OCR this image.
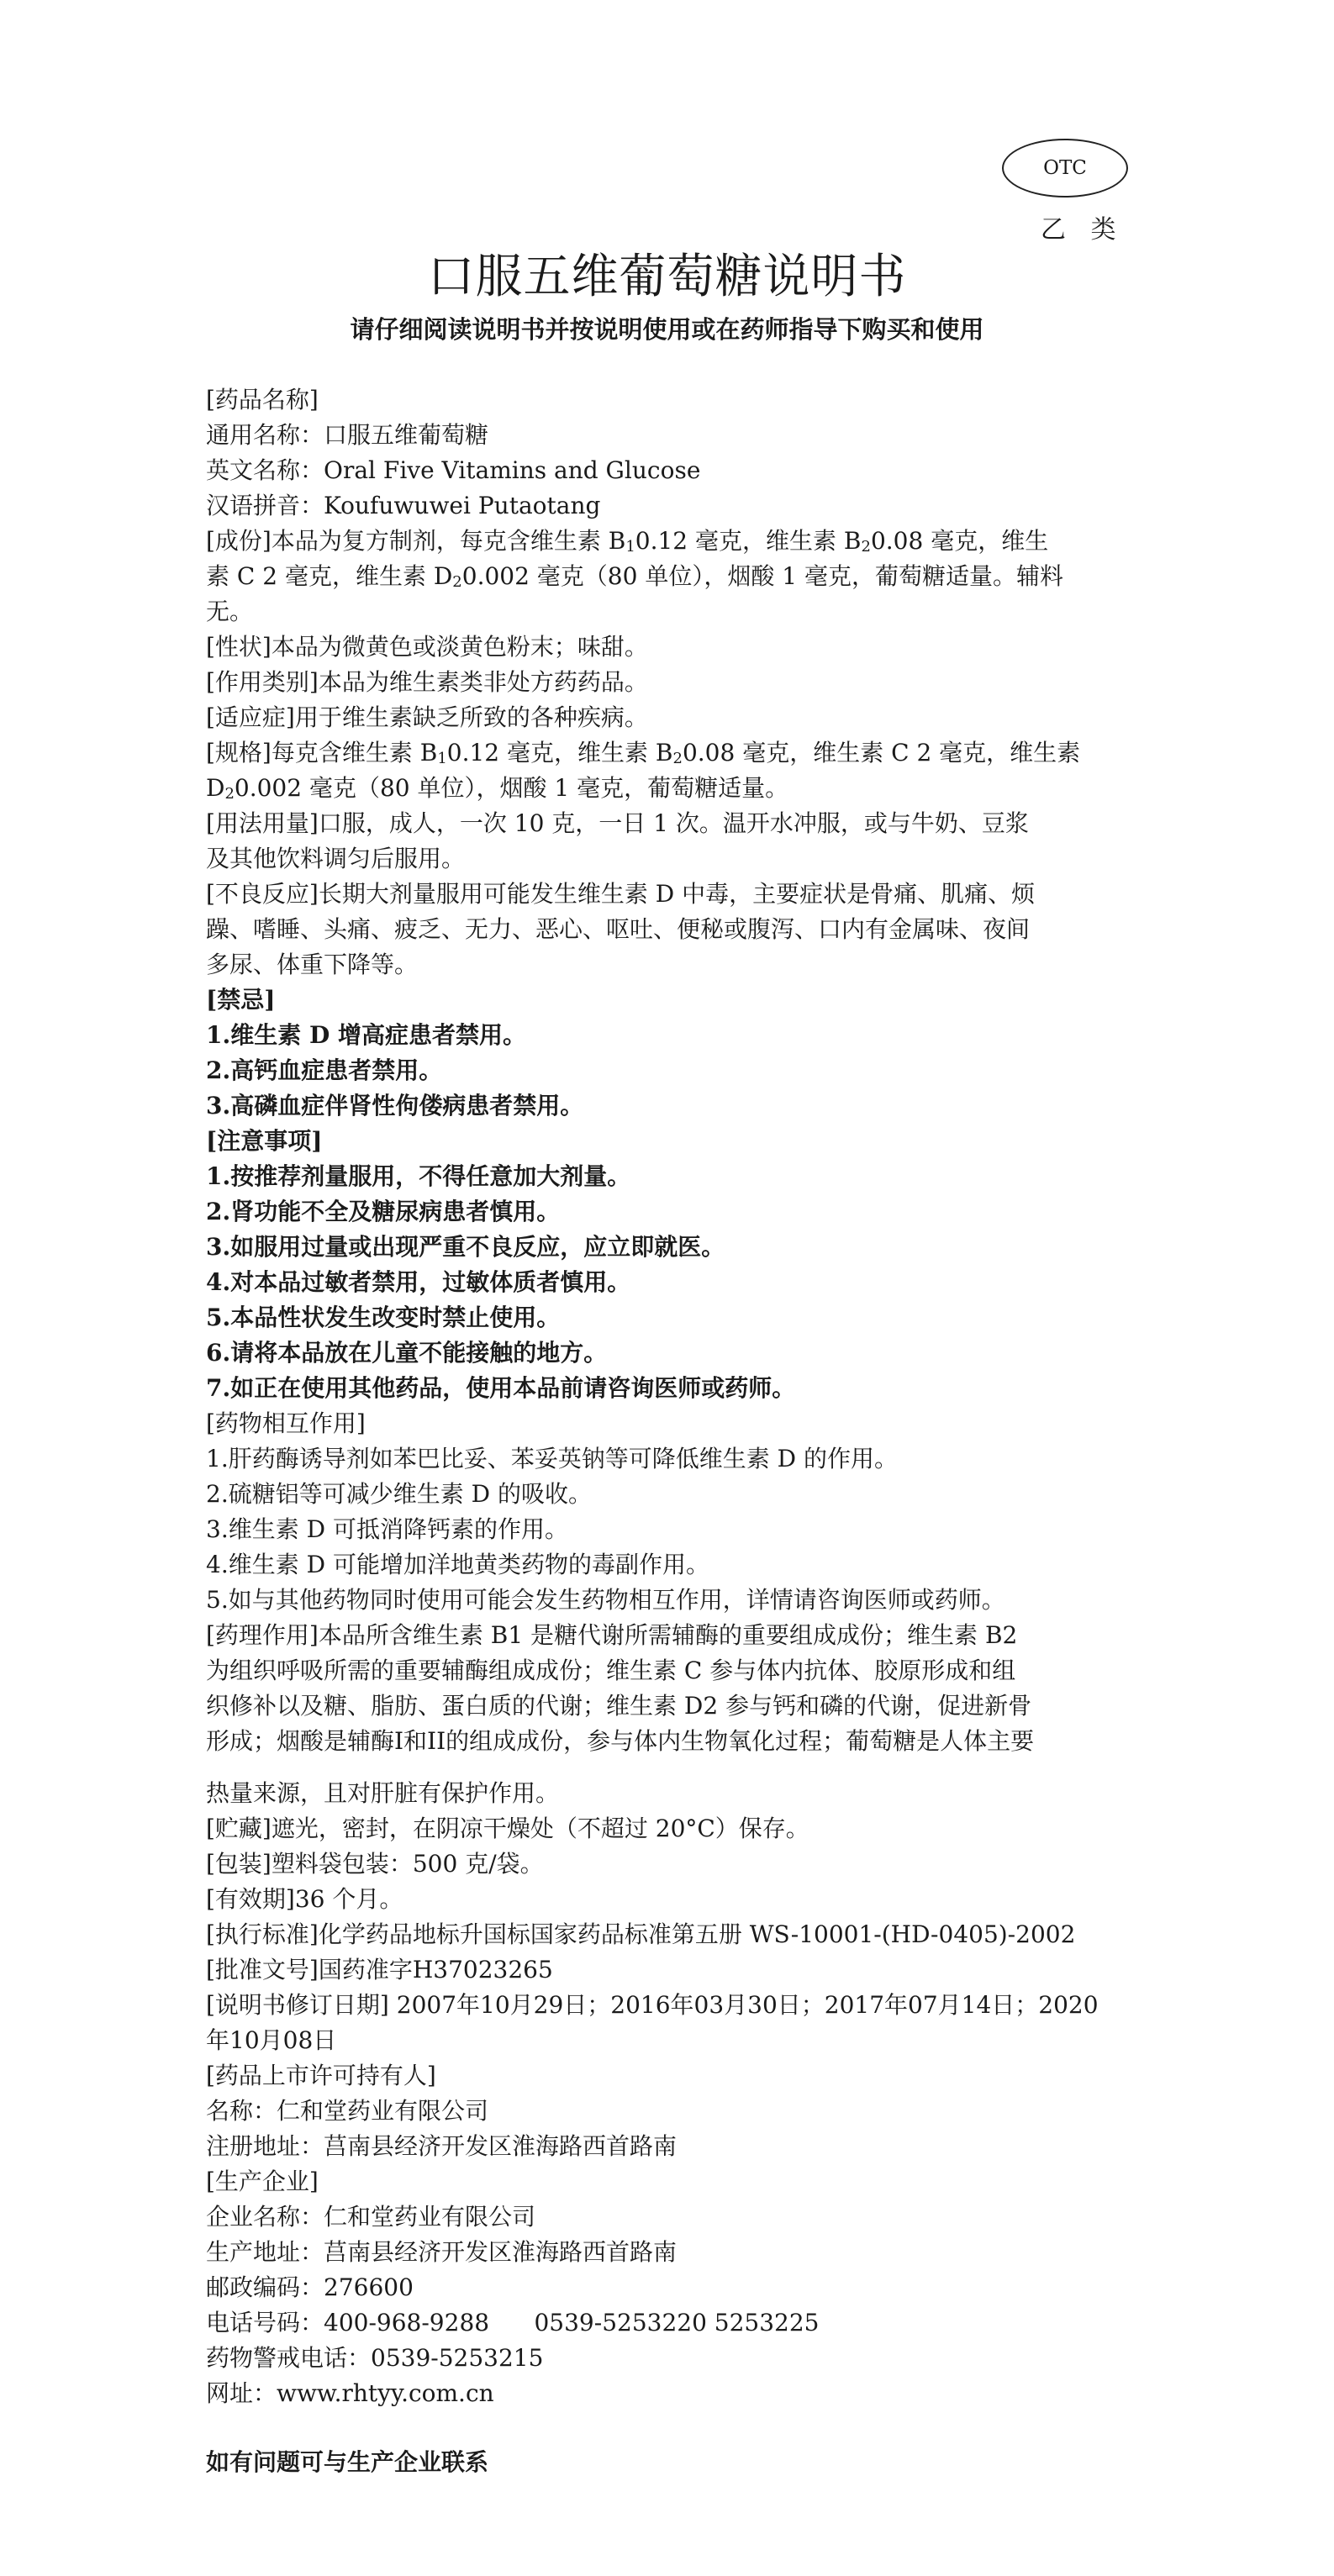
OTC
乙 类
口服五维葡萄糖说明书
请仔细阅读说明书并按说明使用或在药师指导下购买和使用
[药品名称]
通用名称：口服五维葡萄糖
英文名称：Oral Five Vitamins and Glucose
汉语拼音：Koufuwuwei Putaotang
[成份]本品为复方制剂，每克含维生素 $B_10.12$ 毫克，维生素 $B_20.08$ 毫克，维生
素 C 2 毫克，维生素 $D_20.002$ 毫克（80 单位），烟酸 1 毫克，葡萄糖适量。辅料
无。
[性状]本品为微黄色或淡黄色粉末；味甜。
[作用类别]本品为维生素类非处方药药品。
[适应症]用于维生素缺乏所致的各种疾病。
[规格]每克含维生素 $B_10.12$ 毫克，维生素 $B_20.08$ 毫克，维生素 C 2 毫克，维生素
$D_20.002$ 毫克（80 单位），烟酸 1 毫克，葡萄糖适量。
[用法用量]口服，成人，一次 10 克，一日 1 次。温开水冲服，或与牛奶、豆浆
及其他饮料调匀后服用。
[不良反应]长期大剂量服用可能发生维生素 D 中毒，主要症状是骨痛、肌痛、烦
躁、嗜睡、头痛、疲乏、无力、恶心、呕吐、便秘或腹泻、口内有金属味、夜间
多尿、体重下降等。
[禁忌]
1.维生素 D 增高症患者禁用。
2.高钙血症患者禁用。
3.高磷血症伴肾性佝偻病患者禁用。
[注意事项]
1.按推荐剂量服用，不得任意加大剂量。
2.肾功能不全及糖尿病患者慎用。
3.如服用过量或出现严重不良反应，应立即就医。
4.对本品过敏者禁用，过敏体质者慎用。
5.本品性状发生改变时禁止使用。
6.请将本品放在儿童不能接触的地方。
7.如正在使用其他药品，使用本品前请咨询医师或药师。
[药物相互作用]
1.肝药酶诱导剂如苯巴比妥、苯妥英钠等可降低维生素 D 的作用。
2.硫糖铝等可减少维生素 D 的吸收。
3.维生素 D 可抵消降钙素的作用。
4.维生素 D 可能增加洋地黄类药物的毒副作用。
5.如与其他药物同时使用可能会发生药物相互作用，详情请咨询医师或药师。
[药理作用]本品所含维生素 B1 是糖代谢所需辅酶的重要组成成份；维生素 B2
为组织呼吸所需的重要辅酶组成成份；维生素 C 参与体内抗体、胶原形成和组
织修补以及糖、脂肪、蛋白质的代谢；维生素 D2 参与钙和磷的代谢，促进新骨
形成；烟酸是辅酶I和II的组成成份，参与体内生物氧化过程；葡萄糖是人体主要
热量来源，且对肝脏有保护作用。
[贮藏]遮光，密封，在阴凉干燥处（不超过 20°C）保存。
[包装]塑料袋包装：500 克/袋。
[有效期]36 个月。
[执行标准]化学药品地标升国标国家药品标准第五册 WS-10001-(HD-0405)-2002
[批准文号]国药准字H37023265
[说明书修订日期] 2007年10月29日；2016年03月30日；2017年07月14日；2020
年10月08日
[药品上市许可持有人]
名称：仁和堂药业有限公司
注册地址：莒南县经济开发区淮海路西首路南
[生产企业]
企业名称：仁和堂药业有限公司
生产地址：莒南县经济开发区淮海路西首路南
邮政编码：276600
电话号码：400-968-9288      0539-5253220 5253225
药物警戒电话：0539-5253215
网址：www.rhtyy.com.cn
如有问题可与生产企业联系
